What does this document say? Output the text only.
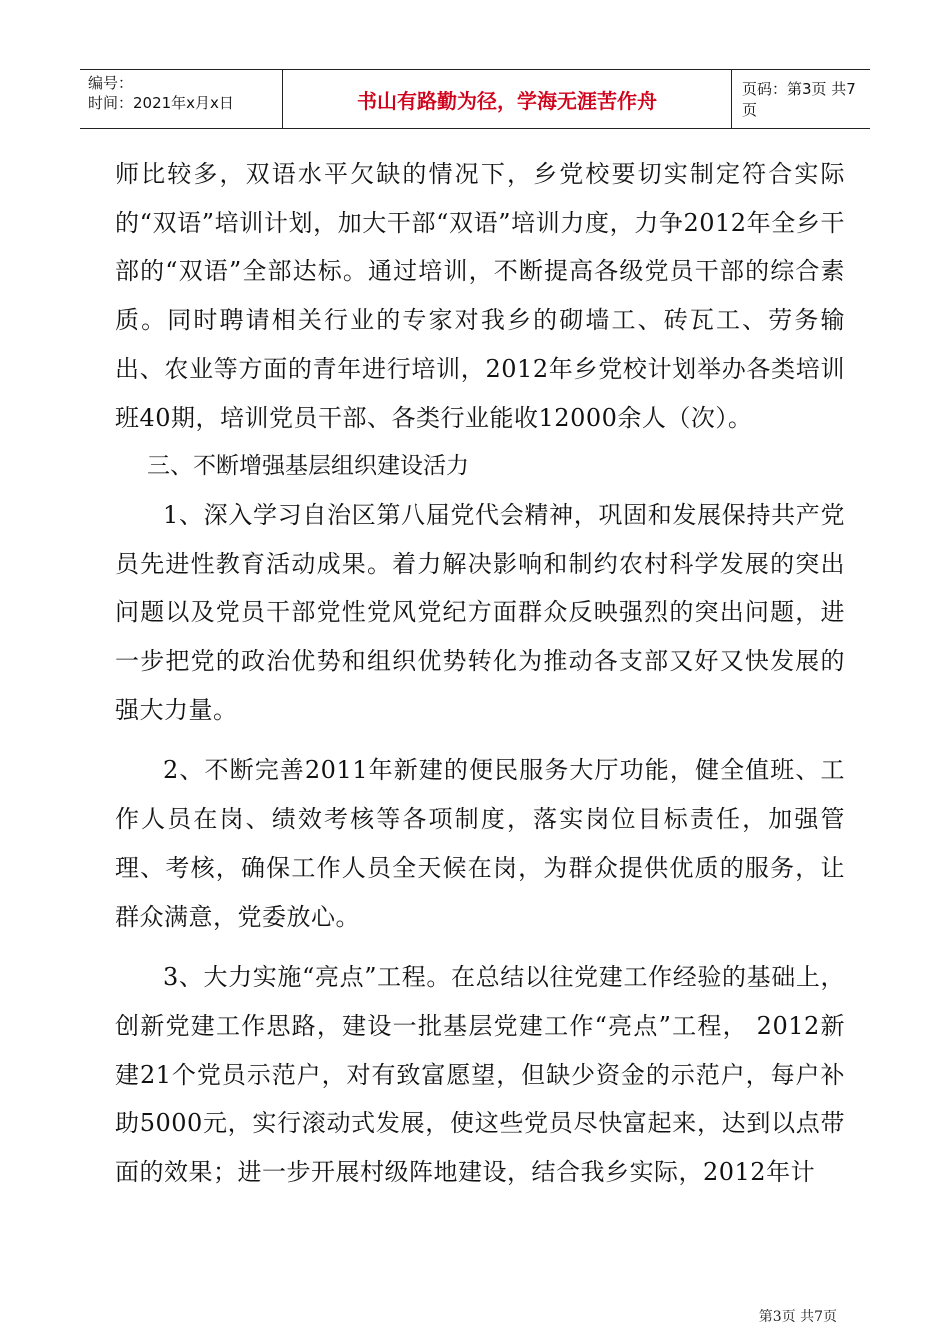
编号：
时间：2021年x月x日	书山有路勤为径，学海无涯苦作舟	页码：第3页 共7页

师比较多，双语水平欠缺的情况下，乡党校要切实制定符合实际的“双语”培训计划，加大干部“双语”培训力度，力争2012年全乡干部的“双语”全部达标。通过培训，不断提高各级党员干部的综合素质。同时聘请相关行业的专家对我乡的砌墙工、砖瓦工、劳务输出、农业等方面的青年进行培训，2012年乡党校计划举办各类培训班40期，培训党员干部、各类行业能收12000余人（次）。

三、不断增强基层组织建设活力

1、深入学习自治区第八届党代会精神，巩固和发展保持共产党员先进性教育活动成果。着力解决影响和制约农村科学发展的突出问题以及党员干部党性党风党纪方面群众反映强烈的突出问题，进一步把党的政治优势和组织优势转化为推动各支部又好又快发展的强大力量。

2、不断完善2011年新建的便民服务大厅功能，健全值班、工作人员在岗、绩效考核等各项制度，落实岗位目标责任，加强管理、考核，确保工作人员全天候在岗，为群众提供优质的服务，让群众满意，党委放心。

3、大力实施“亮点”工程。在总结以往党建工作经验的基础上，创新党建工作思路，建设一批基层党建工作“亮点”工程， 2012新建21个党员示范户，对有致富愿望，但缺少资金的示范户，每户补助5000元，实行滚动式发展，使这些党员尽快富起来，达到以点带面的效果；进一步开展村级阵地建设，结合我乡实际，2012年计

第3页 共7页
